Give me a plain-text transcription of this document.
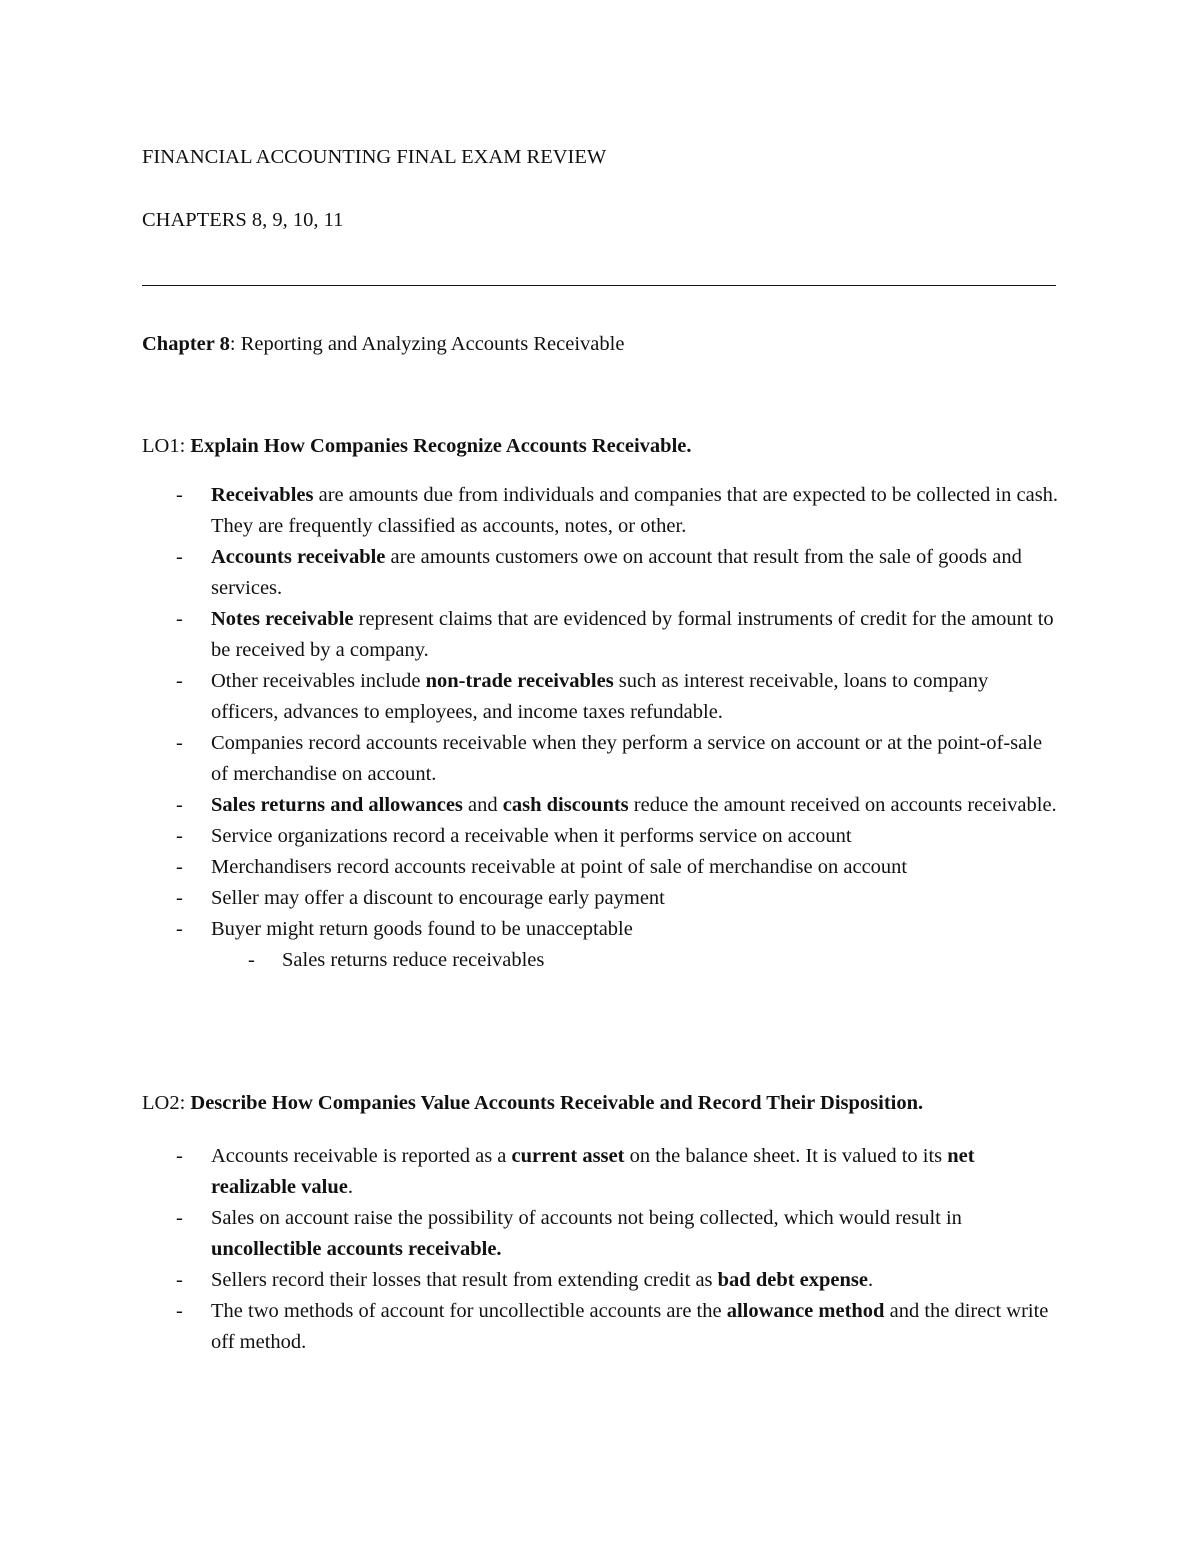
FINANCIAL ACCOUNTING FINAL EXAM REVIEW
CHAPTERS 8, 9, 10, 11
Chapter 8: Reporting and Analyzing Accounts Receivable
LO1: Explain How Companies Recognize Accounts Receivable.
- Receivables are amounts due from individuals and companies that are expected to be collected in cash. They are frequently classified as accounts, notes, or other.
- Accounts receivable are amounts customers owe on account that result from the sale of goods and services.
- Notes receivable represent claims that are evidenced by formal instruments of credit for the amount to be received by a company.
- Other receivables include non-trade receivables such as interest receivable, loans to company officers, advances to employees, and income taxes refundable.
- Companies record accounts receivable when they perform a service on account or at the point-of-sale of merchandise on account.
- Sales returns and allowances and cash discounts reduce the amount received on accounts receivable.
- Service organizations record a receivable when it performs service on account
- Merchandisers record accounts receivable at point of sale of merchandise on account
- Seller may offer a discount to encourage early payment
- Buyer might return goods found to be unacceptable
- Sales returns reduce receivables
LO2: Describe How Companies Value Accounts Receivable and Record Their Disposition.
- Accounts receivable is reported as a current asset on the balance sheet. It is valued to its net realizable value.
- Sales on account raise the possibility of accounts not being collected, which would result in uncollectible accounts receivable.
- Sellers record their losses that result from extending credit as bad debt expense.
- The two methods of account for uncollectible accounts are the allowance method and the direct write off method.
